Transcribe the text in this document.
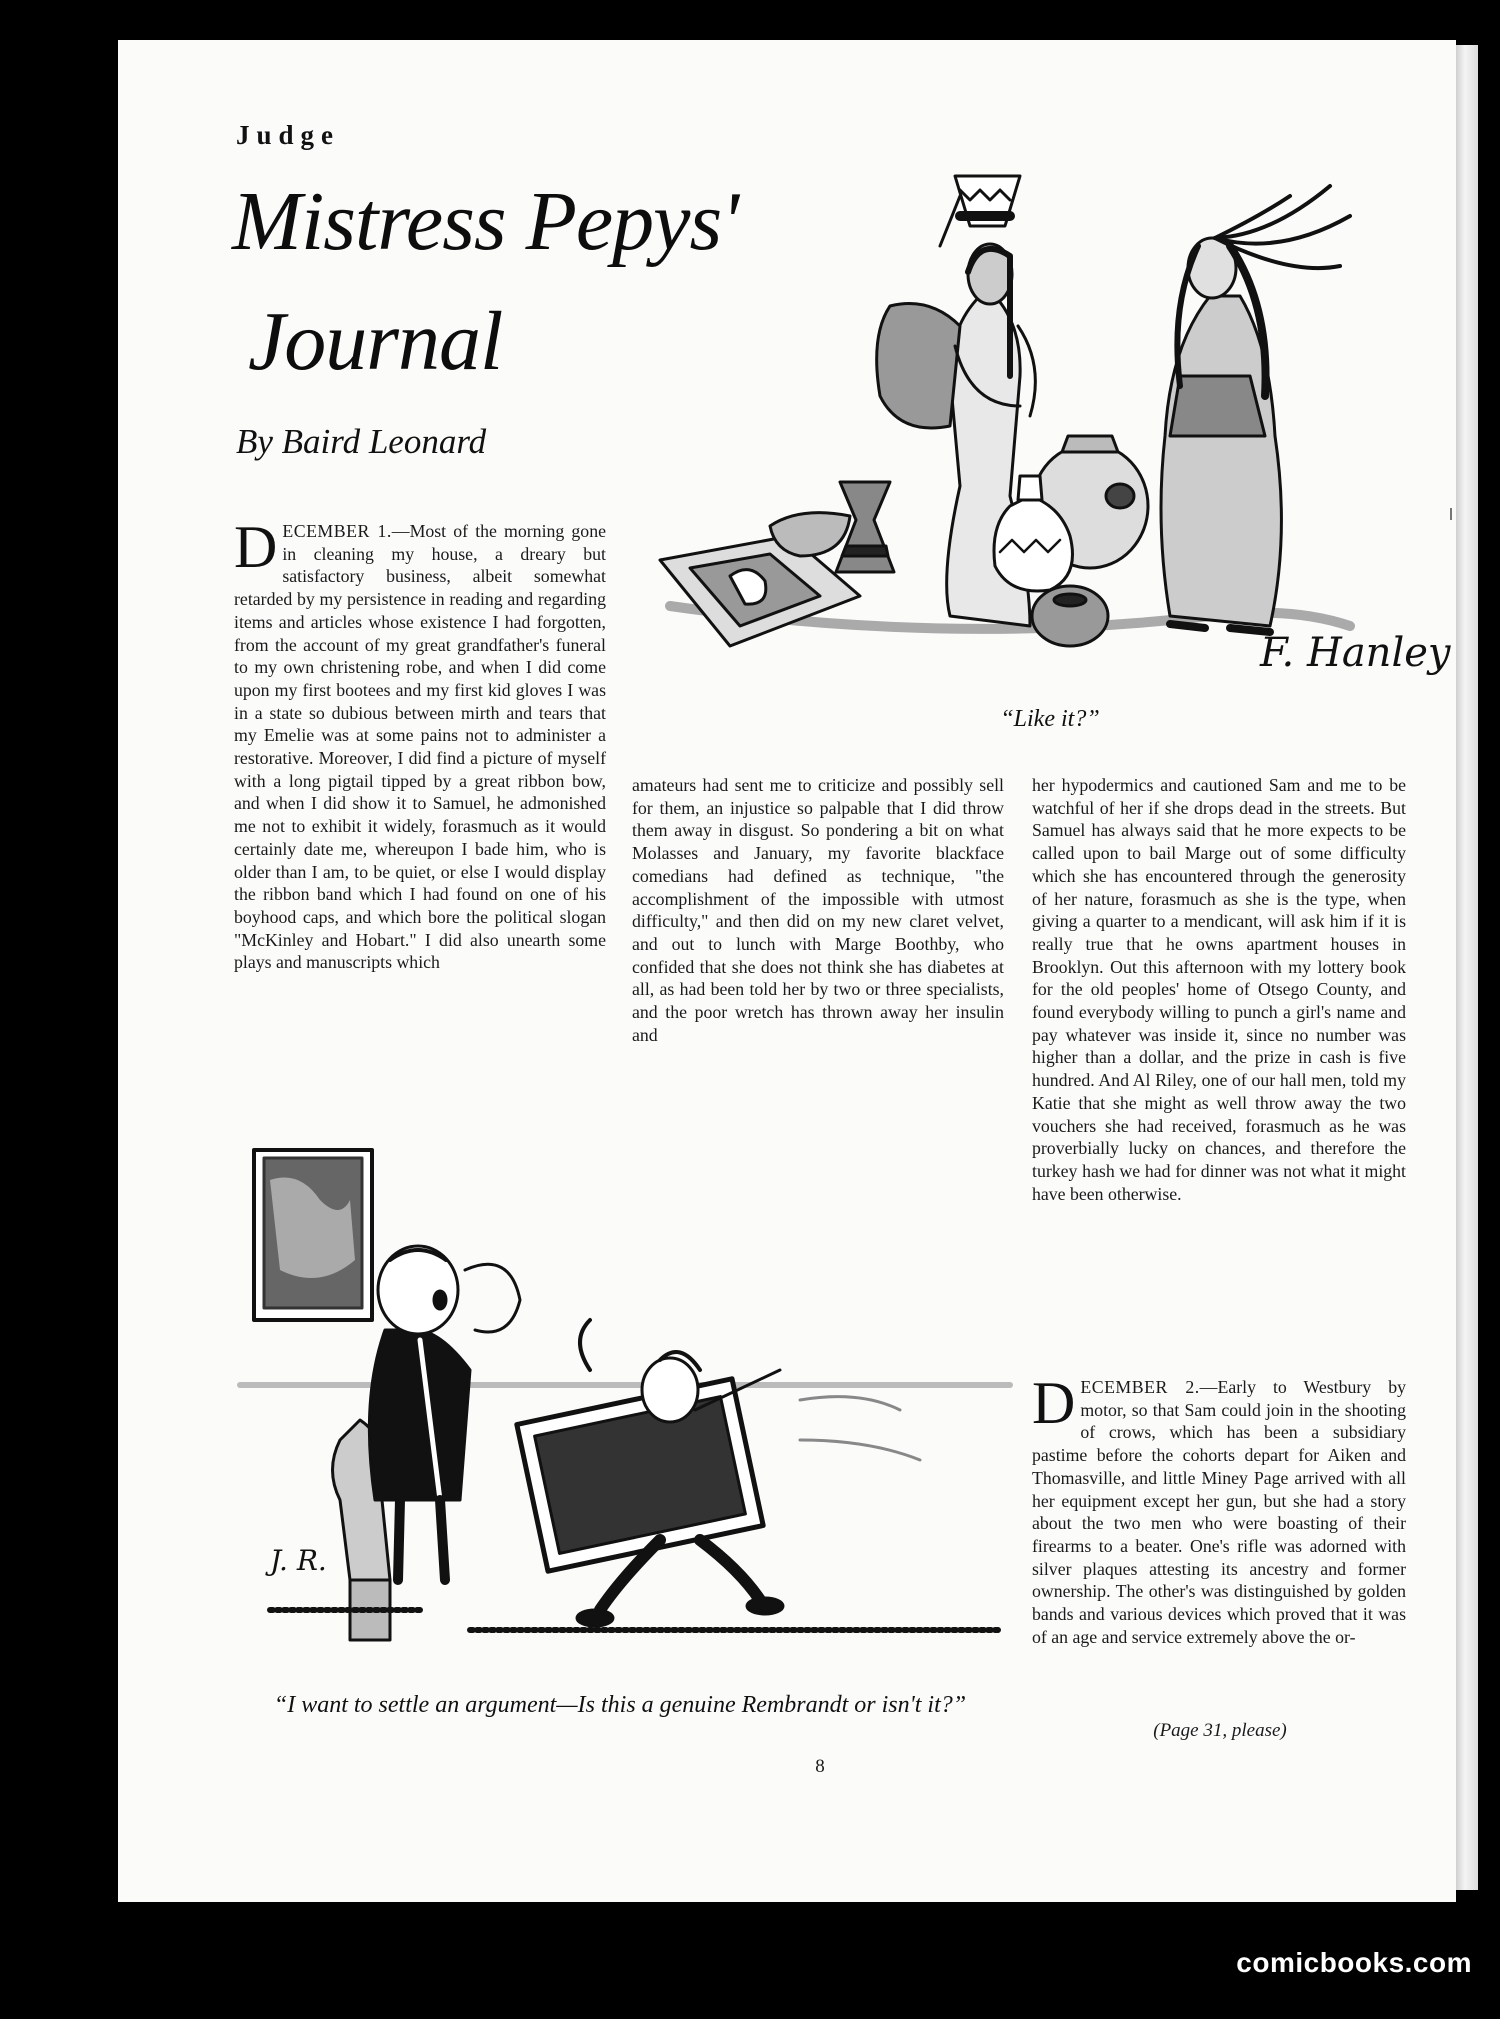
Judge
Mistress Pepys'
Journal
By Baird Leonard
F. Hanley
“Like it?”
DECEMBER 1.—Most of the morning gone in cleaning my house, a dreary but satisfactory business, albeit somewhat retarded by my persistence in reading and regarding items and articles whose existence I had forgotten, from the account of my great grandfather's funeral to my own christening robe, and when I did come upon my first bootees and my first kid gloves I was in a state so dubious between mirth and tears that my Emelie was at some pains not to administer a restorative. Moreover, I did find a picture of myself with a long pigtail tipped by a great ribbon bow, and when I did show it to Samuel, he admonished me not to exhibit it widely, forasmuch as it would certainly date me, whereupon I bade him, who is older than I am, to be quiet, or else I would display the ribbon band which I had found on one of his boyhood caps, and which bore the political slogan "McKinley and Hobart." I did also unearth some plays and manuscripts which
amateurs had sent me to criticize and possibly sell for them, an injustice so palpable that I did throw them away in disgust. So pondering a bit on what Molasses and January, my favorite blackface comedians had defined as technique, "the accomplishment of the impossible with utmost difficulty," and then did on my new claret velvet, and out to lunch with Marge Boothby, who confided that she does not think she has diabetes at all, as had been told her by two or three specialists, and the poor wretch has thrown away her insulin and
her hypodermics and cautioned Sam and me to be watchful of her if she drops dead in the streets. But Samuel has always said that he more expects to be called upon to bail Marge out of some difficulty which she has encountered through the generosity of her nature, forasmuch as she is the type, when giving a quarter to a mendicant, will ask him if it is really true that he owns apartment houses in Brooklyn. Out this afternoon with my lottery book for the old peoples' home of Otsego County, and found everybody willing to punch a girl's name and pay whatever was inside it, since no number was higher than a dollar, and the prize in cash is five hundred. And Al Riley, one of our hall men, told my Katie that she might as well throw away the two vouchers she had received, forasmuch as he was proverbially lucky on chances, and therefore the turkey hash we had for dinner was not what it might have been otherwise.
DECEMBER 2.—Early to Westbury by motor, so that Sam could join in the shooting of crows, which has been a subsidiary pastime before the cohorts depart for Aiken and Thomasville, and little Miney Page arrived with all her equipment except her gun, but she had a story about the two men who were boasting of their firearms to a beater. One's rifle was adorned with silver plaques attesting its ancestry and former ownership. The other's was distinguished by golden bands and various devices which proved that it was of an age and service extremely above the or-
(Page 31, please)
J. R.
“I want to settle an argument—Is this a genuine Rembrandt or isn't it?”
8
comicbooks.com
